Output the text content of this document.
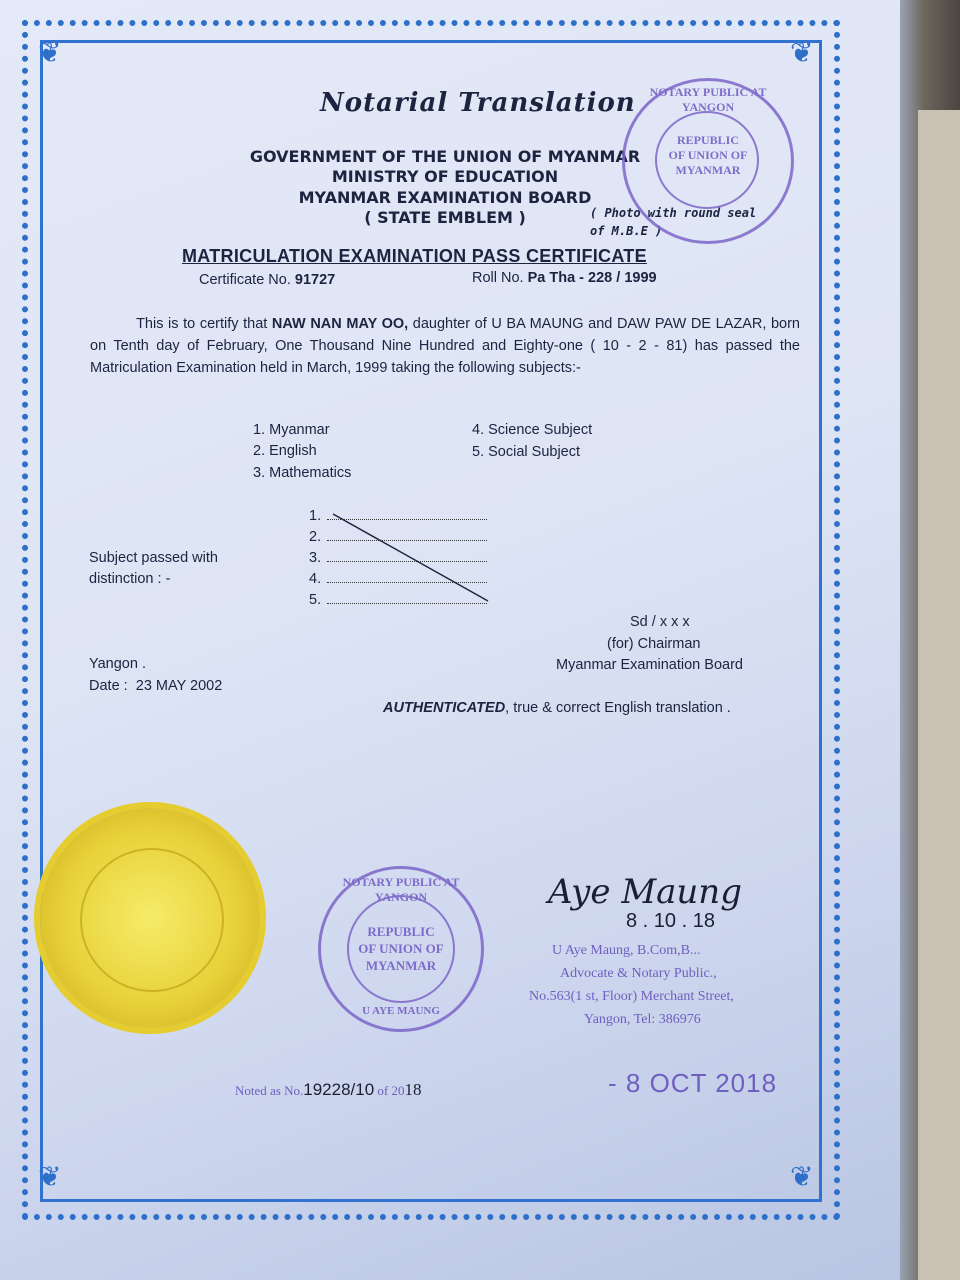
❦	❦
❦	❦
Notarial Translation
GOVERNMENT OF THE UNION OF MYANMAR
MINISTRY OF EDUCATION
MYANMAR EXAMINATION BOARD
( STATE EMBLEM )	( Photo with round seal
of M.B.E )
NOTARY PUBLIC AT YANGON
REPUBLIC
OF UNION OF
MYANMAR
MATRICULATION EXAMINATION PASS CERTIFICATE
Certificate No. 91727	Roll No. Pa Tha - 228 / 1999
This is to certify that NAW NAN MAY OO, daughter of U BA MAUNG and DAW PAW DE LAZAR, born on Tenth day of February, One Thousand Nine Hundred and Eighty-one ( 10 - 2 - 81) has passed the Matriculation Examination held in March, 1999 taking the following subjects:-
1. Myanmar
2. English
3. Mathematics
4. Science Subject
5. Social Subject
Subject passed with
distinction : -
1.
2.
3.
4.
5.
Sd / x x x
(for) Chairman
Myanmar Examination Board
Yangon .
Date : 23 MAY 2002
AUTHENTICATED, true & correct English translation .
NOTARY PUBLIC AT YANGON
REPUBLIC
OF UNION OF
MYANMAR
U AYE MAUNG
Aye Maung
8 . 10 . 18
U Aye Maung, B.Com,B...
Advocate & Notary Public.,
No.563(1 st, Floor) Merchant Street,
Yangon, Tel: 386976
Noted as No.19228/10 of 2018	- 8 OCT 2018
